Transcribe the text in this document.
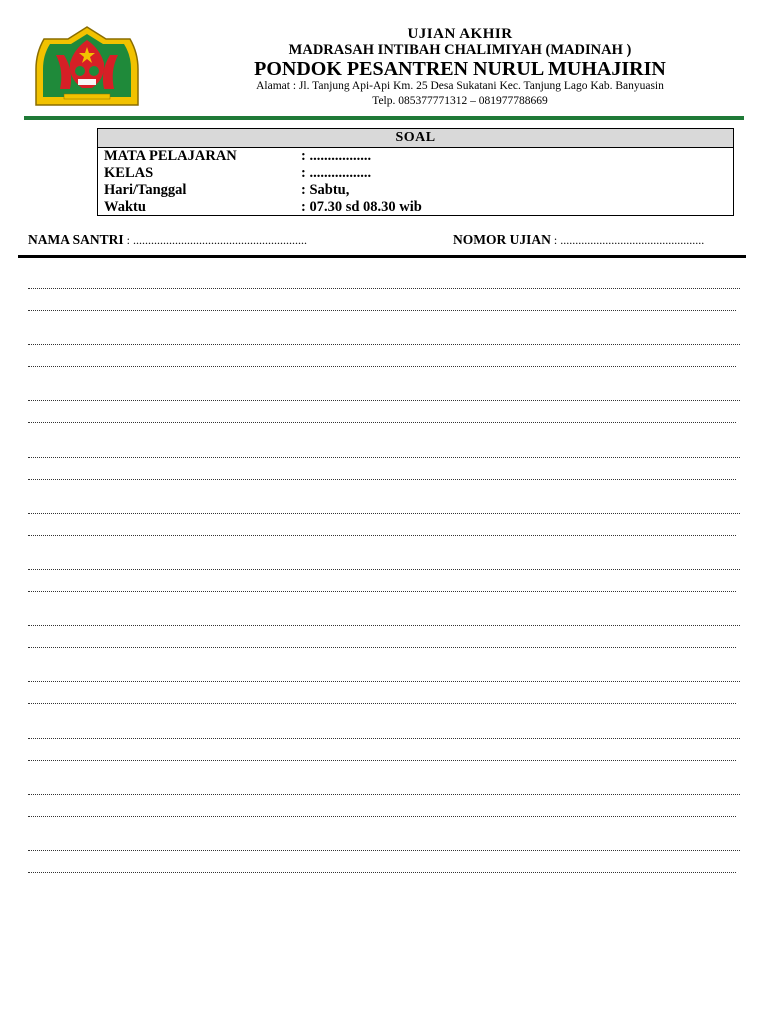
UJIAN AKHIR
MADRASAH INTIBAH CHALIMIYAH (MADINAH )
PONDOK PESANTREN NURUL MUHAJIRIN
Alamat : Jl. Tanjung Api-Api Km. 25 Desa Sukatani Kec. Tanjung Lago Kab. Banyuasin
Telp. 085377771312 – 081977788669
SOAL
MATA PELAJARAN	: .................
KELAS	: .................
Hari/Tanggal	: Sabtu,
Waktu	: 07.30 sd 08.30 wib
NAMA SANTRI : ..........................................................	NOMOR UJIAN : ................................................
